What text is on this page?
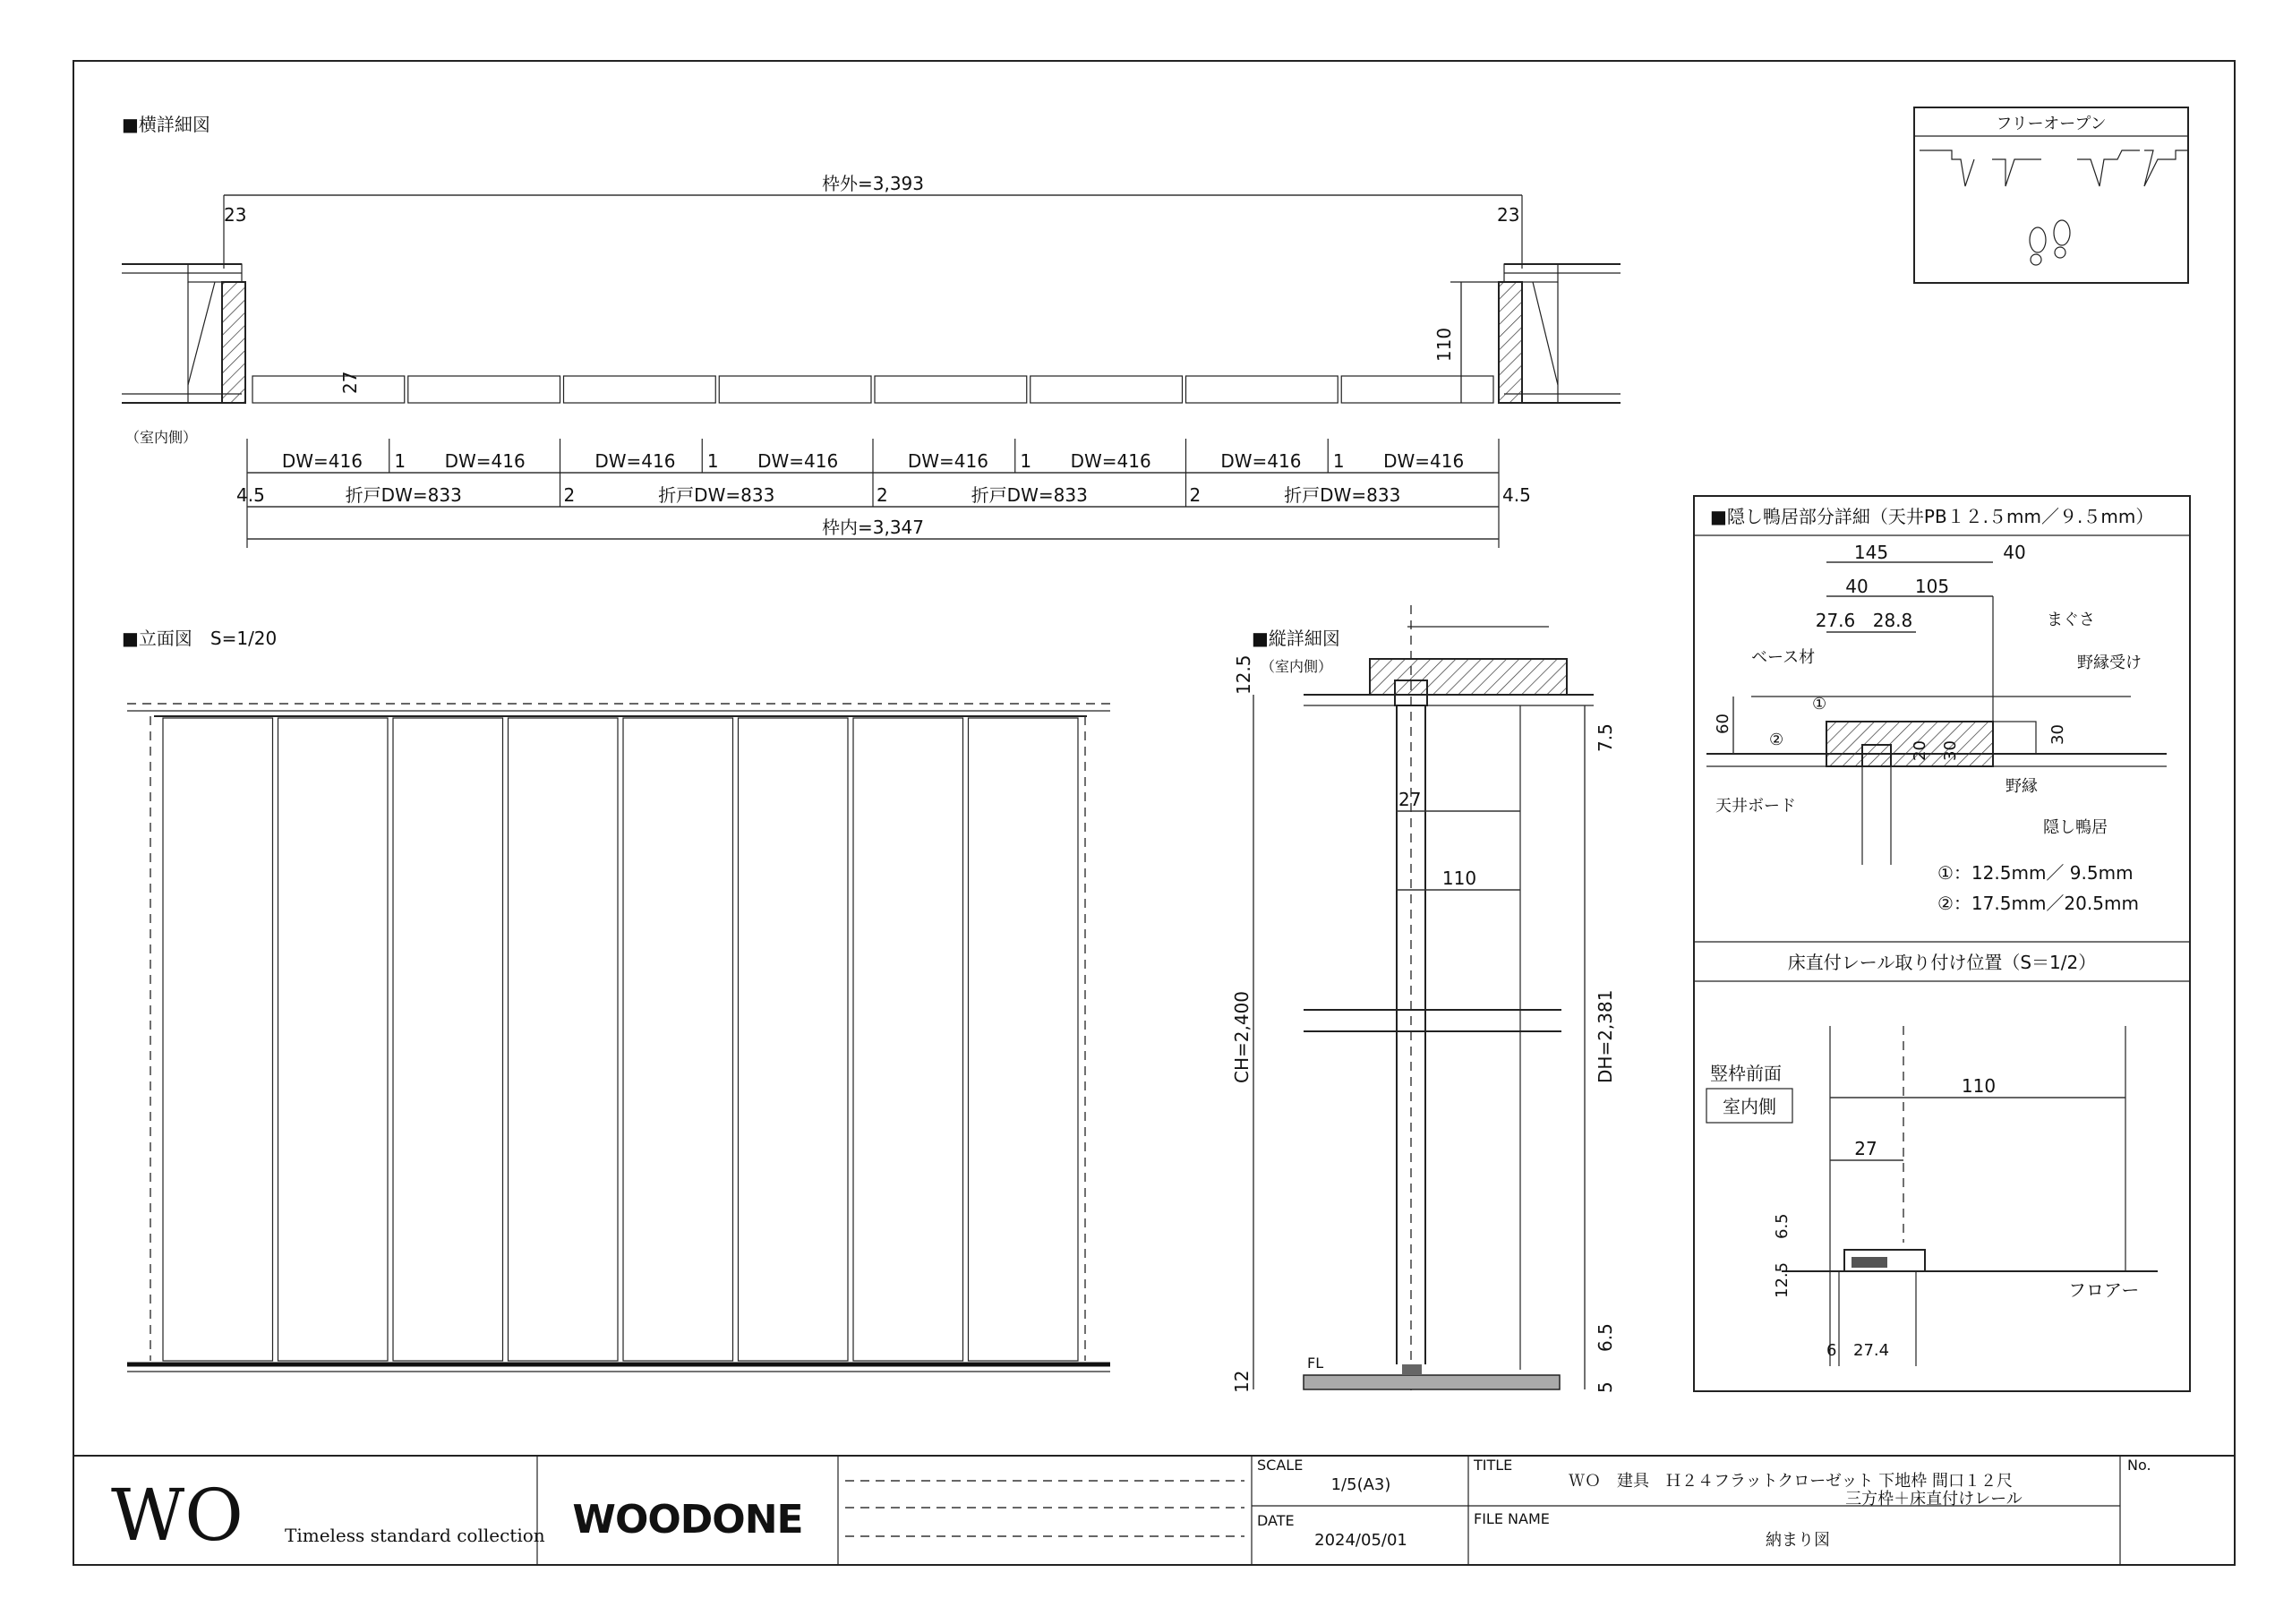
■横詳細図
枠外=3,393
23	23
110
27
（室内側）
DW=416 1 DW=416	DW=416 1 DW=416	DW=416 1 DW=416	DW=416 1 DW=416
4.5	折戸DW=833	2	折戸DW=833	2	折戸DW=833	2	折戸DW=833	4.5
枠内=3,347
フリーオープン
■立面図　S=1/20	■縦詳細図
（室内側）
12.5
7.5
27
110
CH=2,400	DH=2,381
FL
6.5
12	5
■隠し鴨居部分詳細（天井PB１２.５mm／９.５mm）
145	40
40	105
27.6 28.8	まぐさ
ベース材	野縁受け
①
②
60
30
20 30
野縁
天井ボード
隠し鴨居
①：12.5mm／ 9.5mm
②：17.5mm／20.5mm
床直付レール取り付け位置（S＝1/2）
竪枠前面
室内側
110
27
6.5
12.5	フロアー
6 27.4
WO Timeless standard collection WOODONE
SCALE
1/5(A3)
DATE
2024/05/01
TITLE
ＷＯ　建具　Ｈ２４フラットクローゼット 下地枠 間口１２尺
三方枠＋床直付けレール
FILE NAME
納まり図
No.
